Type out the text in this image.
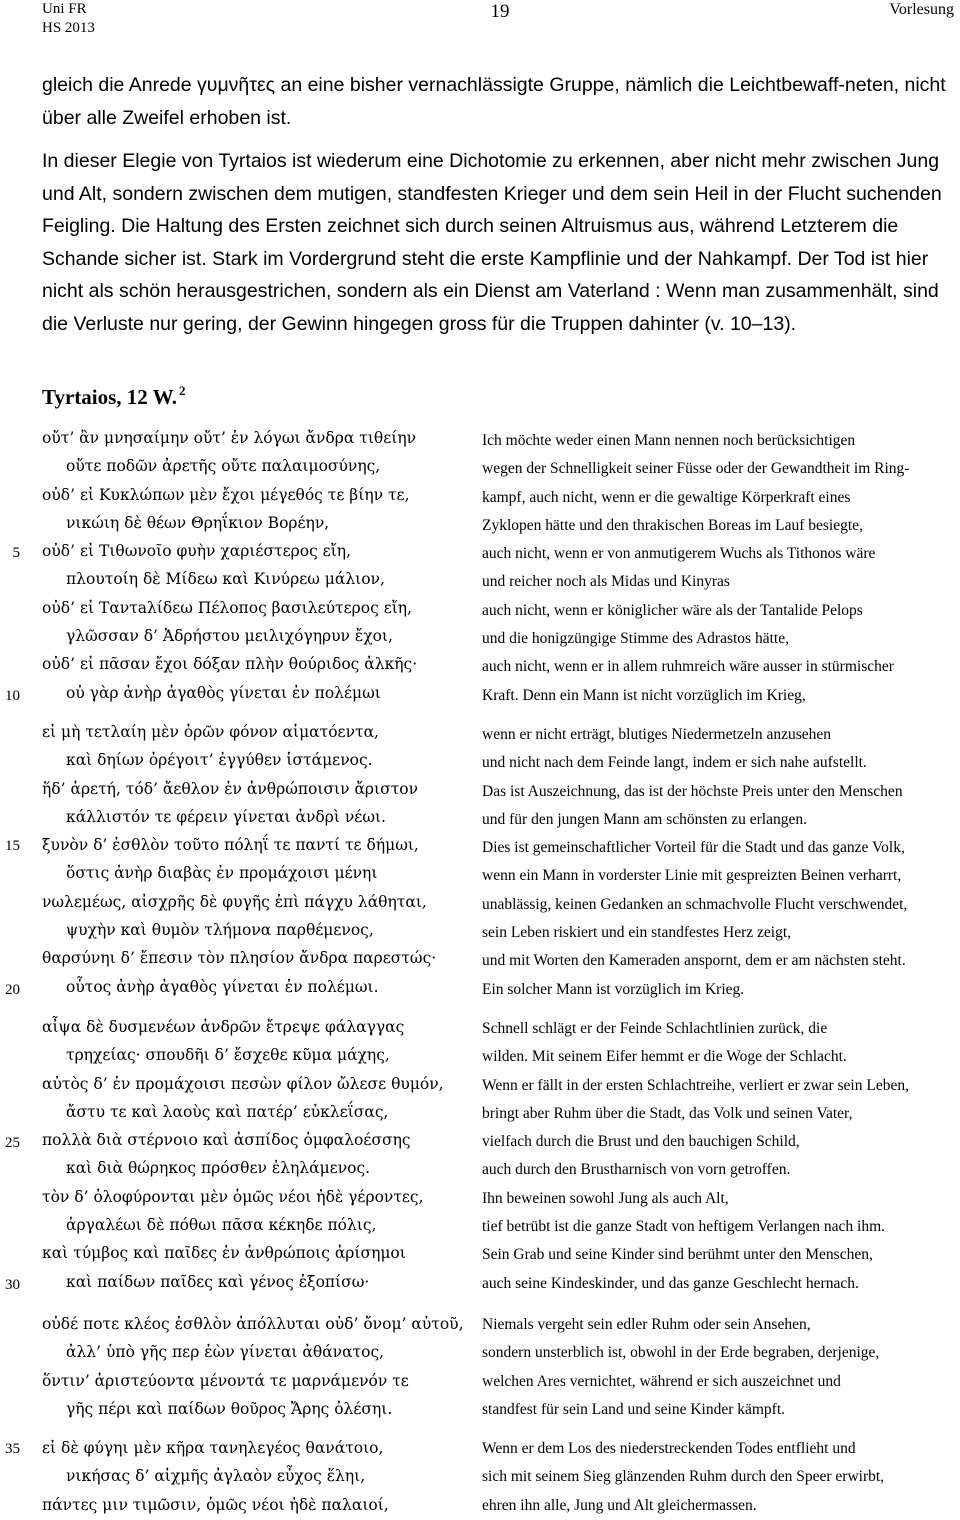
Uni FR
HS 2013
19	Vorlesung

gleich die Anrede γυμνῆτες an eine bisher vernachlässigte Gruppe, nämlich die Leichtbewaff-neten, nicht über alle Zweifel erhoben ist.

In dieser Elegie von Tyrtaios ist wiederum eine Dichotomie zu erkennen, aber nicht mehr zwischen Jung und Alt, sondern zwischen dem mutigen, standfesten Krieger und dem sein Heil in der Flucht suchenden Feigling. Die Haltung des Ersten zeichnet sich durch seinen Altruismus aus, während Letzterem die Schande sicher ist. Stark im Vordergrund steht die erste Kampflinie und der Nahkampf. Der Tod ist hier nicht als schön herausgestrichen, sondern als ein Dienst am Vaterland : Wenn man zusammenhält, sind die Verluste nur gering, der Gewinn hingegen gross für die Truppen dahinter (v. 10–13).

Tyrtaios, 12 W. $^2$
5
10
15
20
25
30
35
οὔτ’ ἂν μνησαίμην οὔτ’ ἐν λόγωι ἄνδρα τιθείην
οὔτε ποδῶν ἀρετῆς οὔτε παλαιμοσύνης,
οὐδ’ εἰ Κυκλώπων μὲν ἔχοι μέγεθός τε βίην τε,
νικώιη δὲ θέων Θρηΐκιον Βορέην,
οὐδ’ εἰ Τιθωνοῖο φυὴν χαριέστερος εἴη,
πλουτοίη δὲ Μίδεω καὶ Κινύρεω μάλιον,
οὐδ’ εἰ Ταντaλίδεω Πέλοπος βασιλεύτερος εἴη,
γλῶσσαν δ’ Ἀδρήστου μειλιχόγηρυν ἔχοι,
οὐδ’ εἰ πᾶσαν ἔχοι δόξαν πλὴν θούριδος ἀλκῆς·
οὐ γὰρ ἀνὴρ ἀγαθὸς γίνεται ἐν πολέμωι
Ich möchte weder einen Mann nennen noch berücksichtigen
wegen der Schnelligkeit seiner Füsse oder der Gewandtheit im Ring-
kampf, auch nicht, wenn er die gewaltige Körperkraft eines
Zyklopen hätte und den thrakischen Boreas im Lauf besiegte,
auch nicht, wenn er von anmutigerem Wuchs als Tithonos wäre
und reicher noch als Midas und Kinyras
auch nicht, wenn er königlicher wäre als der Tantalide Pelops
und die honigzüngige Stimme des Adrastos hätte,
auch nicht, wenn er in allem ruhmreich wäre ausser in stürmischer
Kraft. Denn ein Mann ist nicht vorzüglich im Krieg,
εἰ μὴ τετλαίη μὲν ὁρῶν φόνον αἱματόεντα,
καὶ δηίων ὀρέγοιτ’ ἐγγύθεν ἱστάμενος.
ἥδ’ ἀρετή, τόδ’ ἄεθλον ἐν ἀνθρώποισιν ἄριστον
κάλλιστόν τε φέρειν γίνεται ἀνδρὶ νέωι.
ξυνὸν δ’ ἐσθλὸν τοῦτο πόληΐ τε παντί τε δήμωι,
ὅστις ἀνὴρ διαβὰς ἐν προμάχοισι μένηι
νωλεμέως, αἰσχρῆς δὲ φυγῆς ἐπὶ πάγχυ λάθηται,
ψυχὴν καὶ θυμὸν τλήμονα παρθέμενος,
θαρσύνηι δ’ ἔπεσιν τὸν πλησίον ἄνδρα παρεστώς·
οὗτος ἀνὴρ ἀγαθὸς γίνεται ἐν πολέμωι.
wenn er nicht erträgt, blutiges Niedermetzeln anzusehen
und nicht nach dem Feinde langt, indem er sich nahe aufstellt.
Das ist Auszeichnung, das ist der höchste Preis unter den Menschen
und für den jungen Mann am schönsten zu erlangen.
Dies ist gemeinschaftlicher Vorteil für die Stadt und das ganze Volk,
wenn ein Mann in vorderster Linie mit gespreizten Beinen verharrt,
unablässig, keinen Gedanken an schmachvolle Flucht verschwendet,
sein Leben riskiert und ein standfestes Herz zeigt,
und mit Worten den Kameraden anspornt, dem er am nächsten steht.
Ein solcher Mann ist vorzüglich im Krieg.
αἶψα δὲ δυσμενέων ἀνδρῶν ἔτρεψε φάλαγγας
τρηχείας· σπουδῆι δ’ ἔσχεθε κῦμα μάχης,
αὐτὸς δ’ ἐν προμάχοισι πεσὼν φίλον ὤλεσε θυμόν,
ἄστυ τε καὶ λαοὺς καὶ πατέρ’ εὐκλεΐσας,
πολλὰ διὰ στέρνοιο καὶ ἀσπίδος ὀμφαλοέσσης
καὶ διὰ θώρηκος πρόσθεν ἐληλάμενος.
τὸν δ’ ὀλοφύρονται μὲν ὁμῶς νέοι ἠδὲ γέροντες,
ἀργαλέωι δὲ πόθωι πᾶσα κέκηδε πόλις,
καὶ τύμβος καὶ παῖδες ἐν ἀνθρώποις ἀρίσημοι
καὶ παίδων παῖδες καὶ γένος ἐξοπίσω·
Schnell schlägt er der Feinde Schlachtlinien zurück, die
wilden. Mit seinem Eifer hemmt er die Woge der Schlacht.
Wenn er fällt in der ersten Schlachtreihe, verliert er zwar sein Leben,
bringt aber Ruhm über die Stadt, das Volk und seinen Vater,
vielfach durch die Brust und den bauchigen Schild,
auch durch den Brustharnisch von vorn getroffen.
Ihn beweinen sowohl Jung als auch Alt,
tief betrübt ist die ganze Stadt von heftigem Verlangen nach ihm.
Sein Grab und seine Kinder sind berühmt unter den Menschen,
auch seine Kindeskinder, und das ganze Geschlecht hernach.
οὐδέ ποτε κλέος ἐσθλὸν ἀπόλλυται οὐδ’ ὄνομ’ αὐτοῦ,
ἀλλ’ ὑπὸ γῆς περ ἐὼν γίνεται ἀθάνατος,
ὅντιν’ ἀριστεύοντα μένοντά τε μαρνάμενόν τε
γῆς πέρι καὶ παίδων θοῦρος Ἄρης ὀλέσηι.
Niemals vergeht sein edler Ruhm oder sein Ansehen,
sondern unsterblich ist, obwohl in der Erde begraben, derjenige,
welchen Ares vernichtet, während er sich auszeichnet und
standfest für sein Land und seine Kinder kämpft.
εἰ δὲ φύγηι μὲν κῆρα τανηλεγέος θανάτοιο,
νικήσας δ’ αἰχμῆς ἀγλαὸν εὖχος ἕληι,
πάντες μιν τιμῶσιν, ὁμῶς νέοι ἠδὲ παλαιοί,
Wenn er dem Los des niederstreckenden Todes entflieht und
sich mit seinem Sieg glänzenden Ruhm durch den Speer erwirbt,
ehren ihn alle, Jung und Alt gleichermassen.
